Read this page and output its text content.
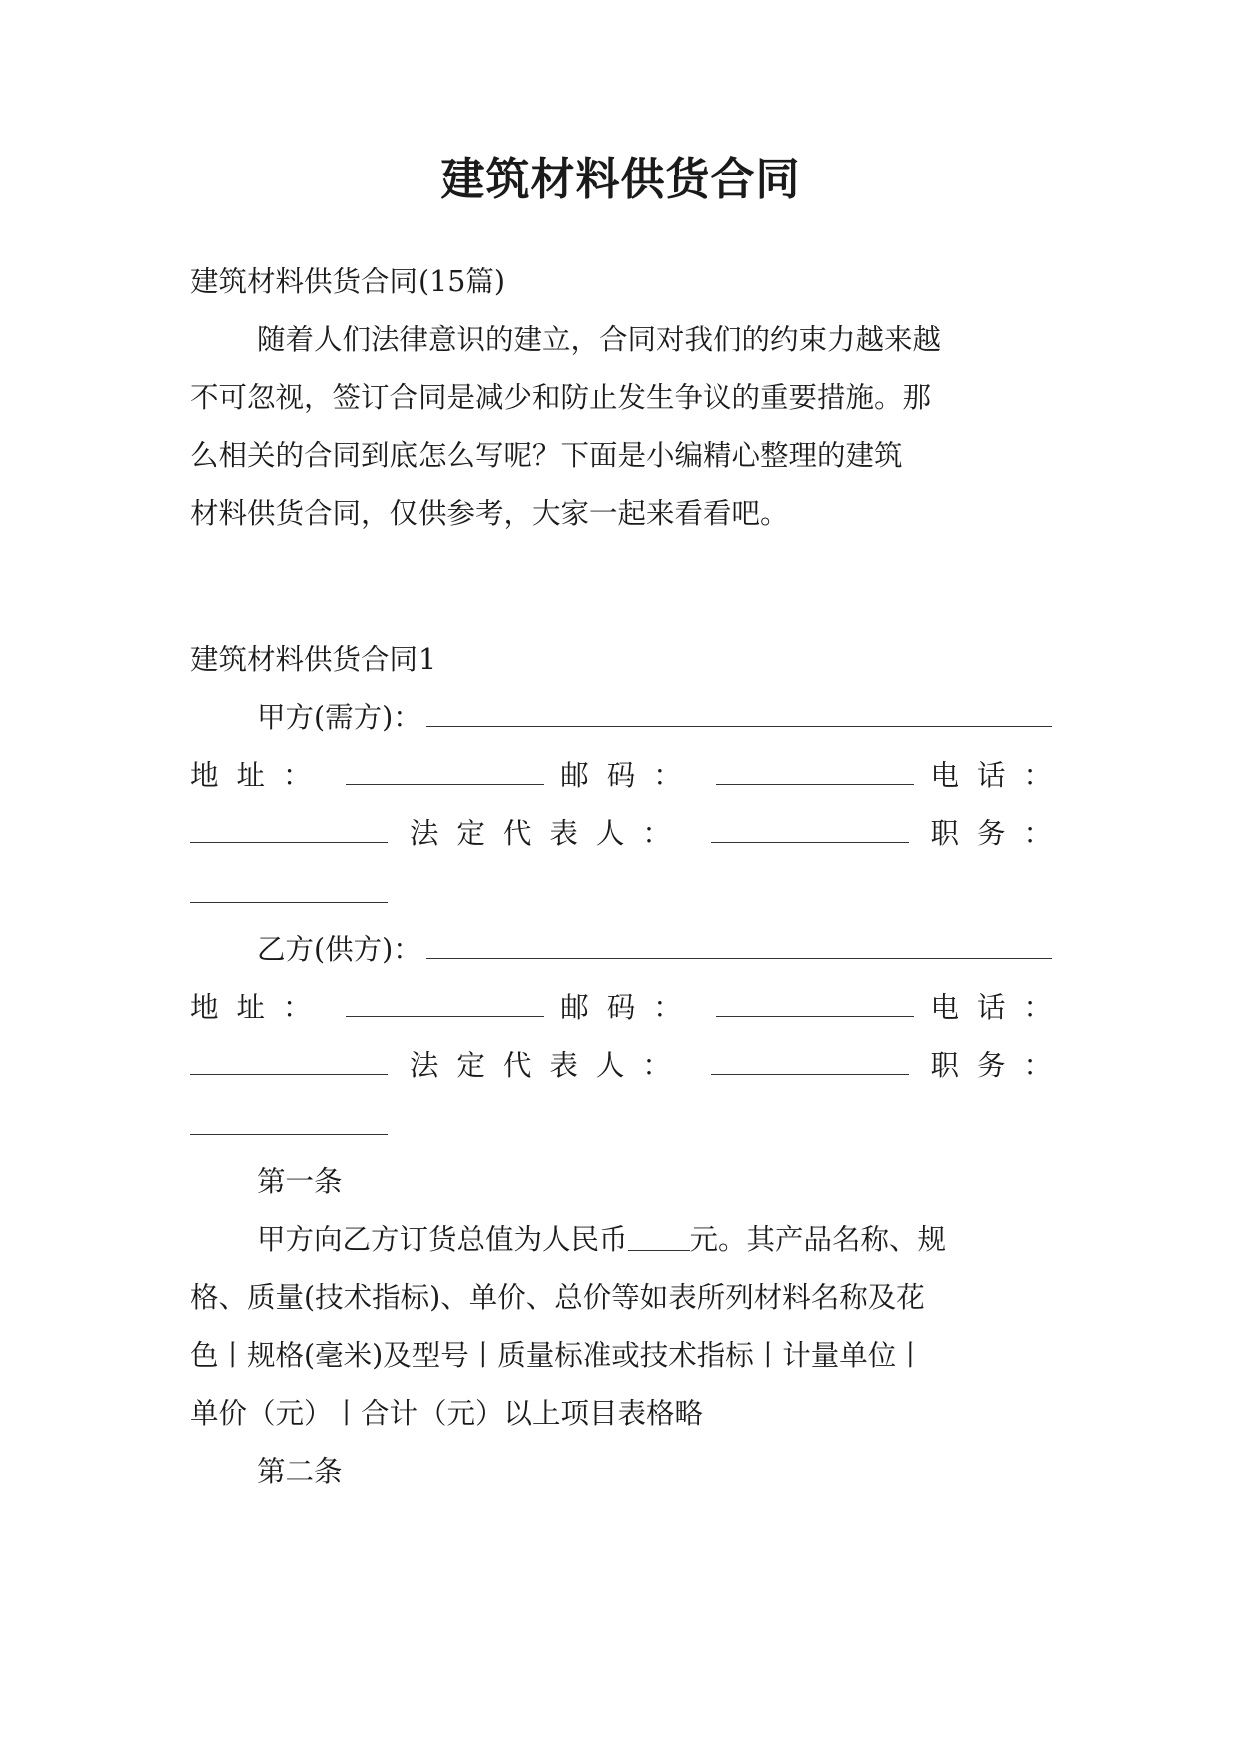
建筑材料供货合同

建筑材料供货合同(15篇)

随着人们法律意识的建立，合同对我们的约束力越来越

不可忽视，签订合同是减少和防止发生争议的重要措施。那

么相关的合同到底怎么写呢？下面是小编精心整理的建筑

材料供货合同，仅供参考，大家一起来看看吧。

建筑材料供货合同1

甲方(需方)：
地址：	邮码：	电话：
法定代表人：	职务：
乙方(供方)：
地址：	邮码：	电话：
法定代表人：	职务：

第一条

甲方向乙方订货总值为人民币 元。其产品名称、规

格、质量(技术指标)、单价、总价等如表所列材料名称及花

色丨规格(毫米)及型号丨质量标准或技术指标丨计量单位丨

单价（元）丨合计（元）以上项目表格略

第二条
